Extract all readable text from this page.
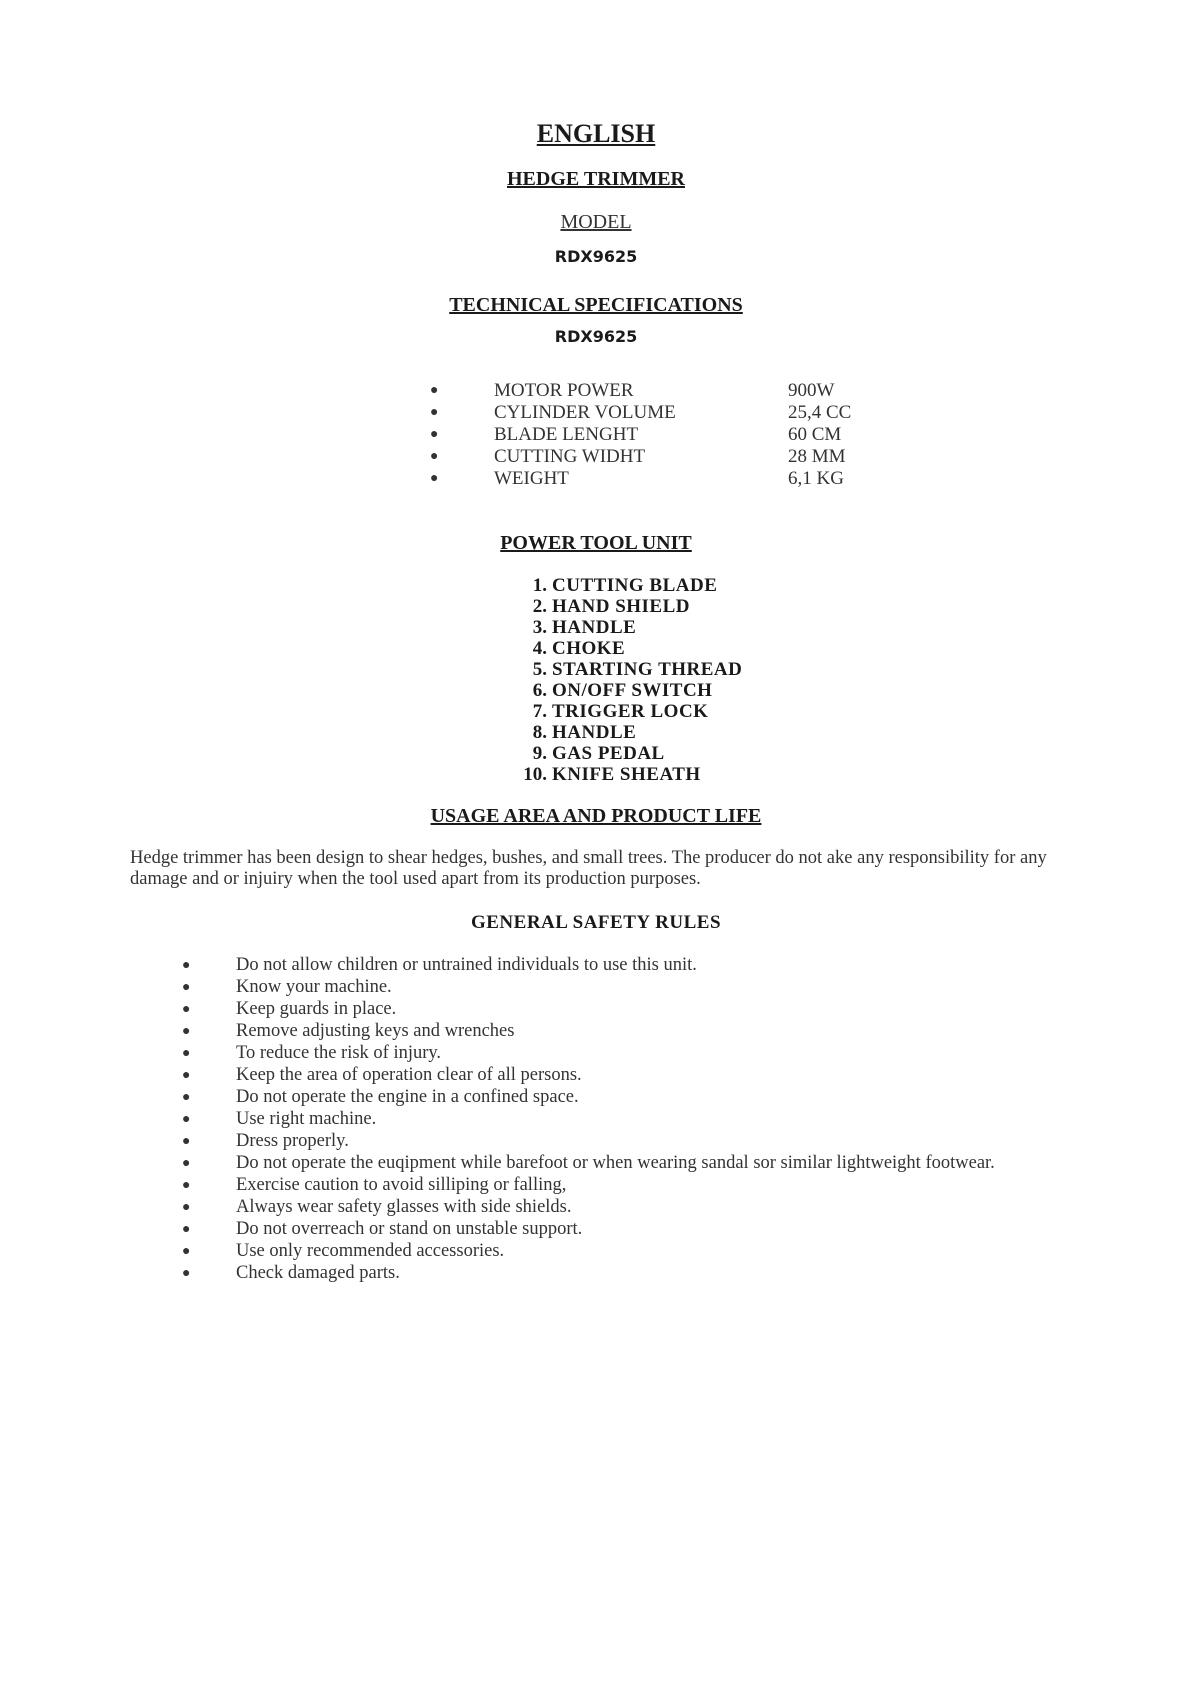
ENGLISH
HEDGE TRIMMER
MODEL
RDX9625
TECHNICAL SPECIFICATIONS
RDX9625
●	MOTOR POWER	900W
●	CYLINDER VOLUME	25,4 CC
●	BLADE LENGHT	60 CM
●	CUTTING WIDHT	28 MM
●	WEIGHT	6,1 KG
POWER TOOL UNIT
1. CUTTING BLADE
2. HAND SHIELD
3. HANDLE
4. CHOKE
5. STARTING THREAD
6. ON/OFF SWITCH
7. TRIGGER LOCK
8. HANDLE
9. GAS PEDAL
10. KNIFE SHEATH
USAGE AREA AND PRODUCT LIFE
Hedge trimmer has been design to shear hedges, bushes, and small trees. The producer do not ake any responsibility for any damage and or injuiry when the tool used apart from its production purposes.
GENERAL SAFETY RULES
● Do not allow children or untrained individuals to use this unit.
● Know your machine.
● Keep guards in place.
● Remove adjusting keys and wrenches
● To reduce the risk of injury.
● Keep the area of operation clear of all persons.
● Do not operate the engine in a confined space.
● Use right machine.
● Dress properly.
● Do not operate the euqipment while barefoot or when wearing sandal sor similar lightweight footwear.
● Exercise caution to avoid silliping or falling,
● Always wear safety glasses with side shields.
● Do not overreach or stand on unstable support.
● Use only recommended accessories.
● Check damaged parts.
